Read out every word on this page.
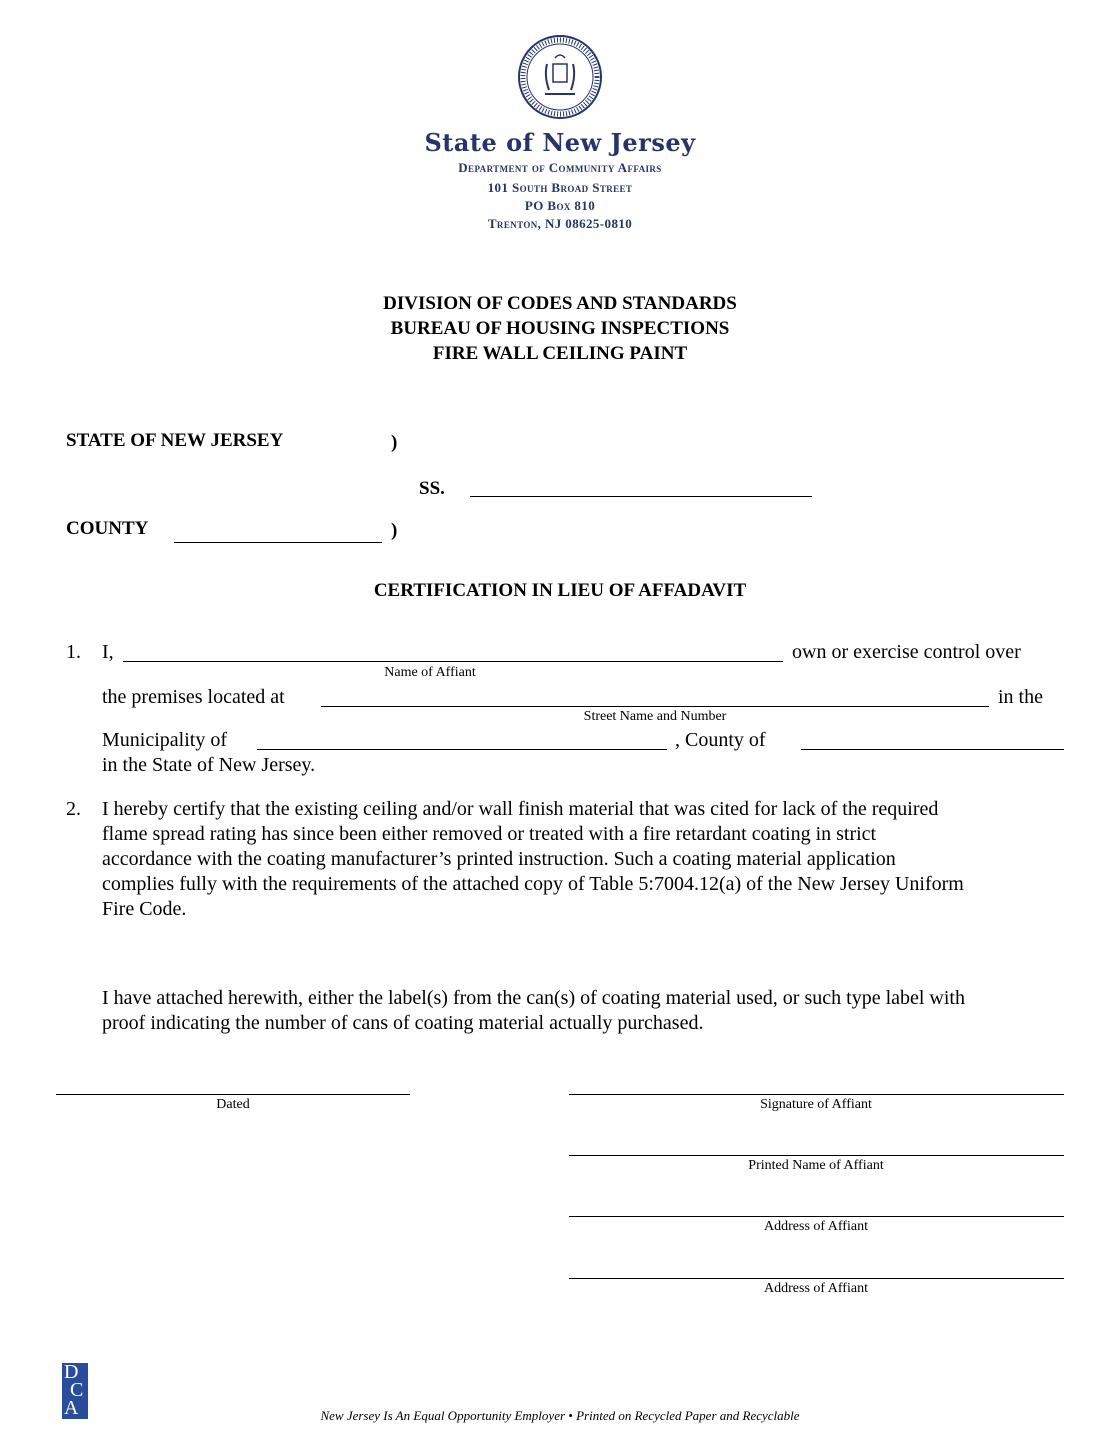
State of New Jersey
Department of Community Affairs
101 South Broad Street
PO Box 810
Trenton, NJ 08625-0810
DIVISION OF CODES AND STANDARDS
BUREAU OF HOUSING INSPECTIONS
FIRE WALL CEILING PAINT
STATE OF NEW JERSEY	)
SS.
COUNTY	)
CERTIFICATION IN LIEU OF AFFADAVIT
1. I,	own or exercise control over
Name of Affiant
the premises located at	in the
Street Name and Number
Municipality of	, County of
in the State of New Jersey.
2. I hereby certify that the existing ceiling and/or wall finish material that was cited for lack of the required
flame spread rating has since been either removed or treated with a fire retardant coating in strict
accordance with the coating manufacturer’s printed instruction. Such a coating material application
complies fully with the requirements of the attached copy of Table 5:7004.12(a) of the New Jersey Uniform
Fire Code.
I have attached herewith, either the label(s) from the can(s) of coating material used, or such type label with
proof indicating the number of cans of coating material actually purchased.
Dated	Signature of Affiant
Printed Name of Affiant
Address of Affiant
Address of Affiant
D
C
A	New Jersey Is An Equal Opportunity Employer • Printed on Recycled Paper and Recyclable
